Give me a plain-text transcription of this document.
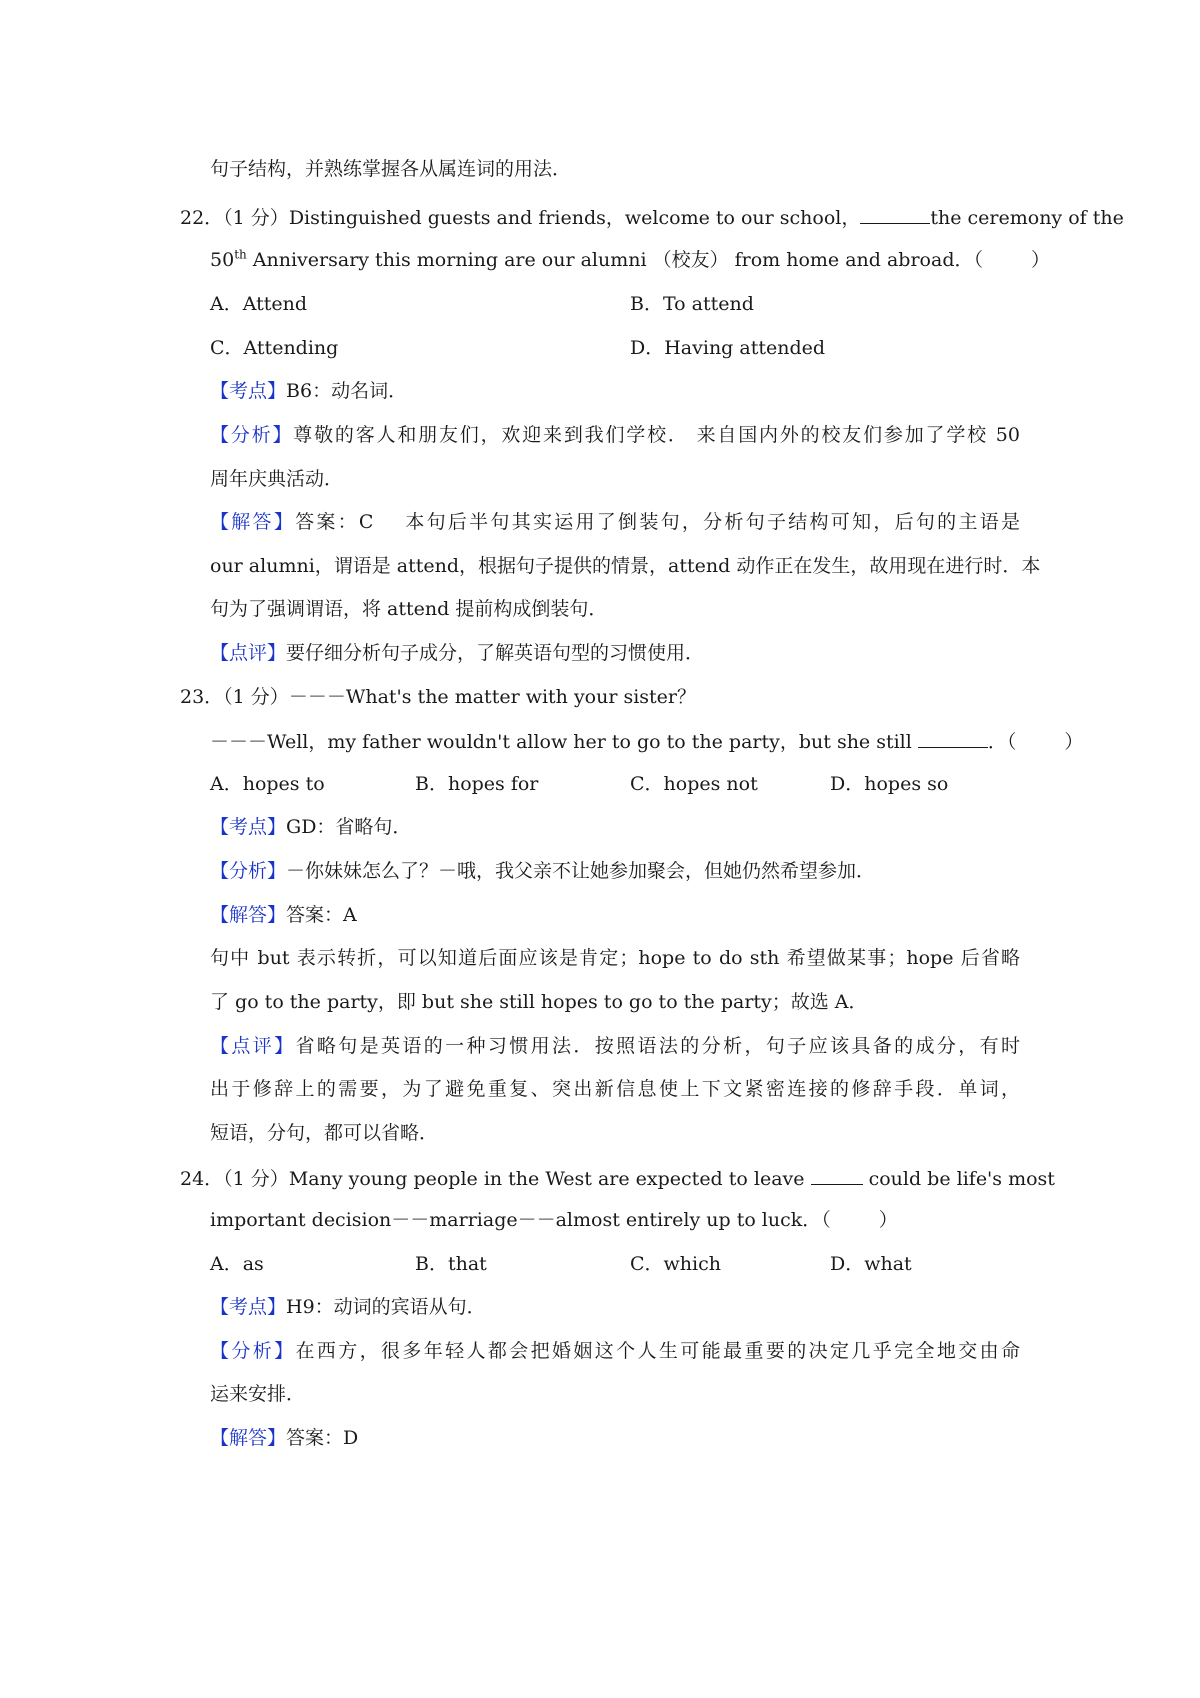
句子结构，并熟练掌握各从属连词的用法．
22．（1 分）Distinguished guests and friends，welcome to our school，	the ceremony of the
50th Anniversary this morning are our alumni （校友） from home and abroad．（	）
A．Attend	B．To attend
C．Attending	D．Having attended
【考点】B6：动名词．
【分析】尊敬的客人和朋友们，欢迎来到我们学校． 来自国内外的校友们参加了学校 50
周年庆典活动．
【解答】答案：C　 本句后半句其实运用了倒装句，分析句子结构可知，后句的主语是
our alumni，谓语是 attend，根据句子提供的情景，attend 动作正在发生，故用现在进行时．本
句为了强调谓语，将 attend 提前构成倒装句．
【点评】要仔细分析句子成分，了解英语句型的习惯使用．
23．（1 分）－－－What's the matter with your sister？
－－－Well，my father wouldn't allow her to go to the party，but she still	．（	）
A．hopes to	B．hopes for	C．hopes not	D．hopes so
【考点】GD：省略句．
【分析】－你妹妹怎么了？－哦，我父亲不让她参加聚会，但她仍然希望参加．
【解答】答案：A
句中 but 表示转折，可以知道后面应该是肯定；hope to do sth 希望做某事；hope 后省略
了 go to the party，即 but she still hopes to go to the party；故选 A．
【点评】省略句是英语的一种习惯用法．按照语法的分析，句子应该具备的成分，有时
出于修辞上的需要，为了避免重复、突出新信息使上下文紧密连接的修辞手段．单词，
短语，分句，都可以省略．
24．（1 分）Many young people in the West are expected to leave	could be life's most
important decision－－marriage－－almost entirely up to luck．（	）
A．as	B．that	C．which	D．what
【考点】H9：动词的宾语从句．
【分析】在西方，很多年轻人都会把婚姻这个人生可能最重要的决定几乎完全地交由命
运来安排．
【解答】答案：D
